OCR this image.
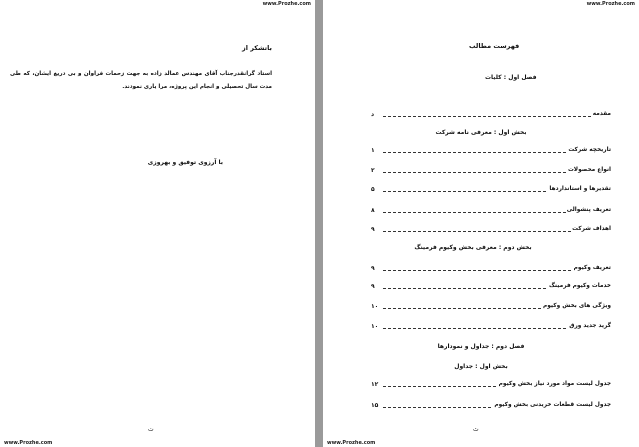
www.Prozhe.com
باتشکر از
استاد گرانقدرجناب آقای مهندس عمالد زاده به جهت زحمات فراوان و بی دریغ ایشان، که طی مدت سال تحصیلی و انجام این پروژه، مرا یاری نمودند.
با آرزوی توفیق و بهروزی
ت
www.Prozhe.com
www.Prozhe.com
فهرست مطالب
فصل اول : کلیات
مقدمه
د
بخش اول : معرفی نامه شرکت
تاریخچه شرکت
۱
انواع محصولات
۲
تقدیرها و استانداردها
۵
تعریف پنشوالی
۸
اهداف شرکت
۹
بخش دوم : معرفی بخش وکیوم فرمینگ
تعریف وکیوم
۹
خدمات وکیوم فرمینگ
۹
ویژگی های بخش وکیوم
۱۰
گرید جدید ورق
۱۰
فصل دوم : جداول و نمودارها
بخش اول : جداول
جدول لیست مواد مورد نیاز بخش وکیوم
۱۲
جدول لیست قطعات خریدنی بخش وکیوم
۱۵
ث
www.Prozhe.com
